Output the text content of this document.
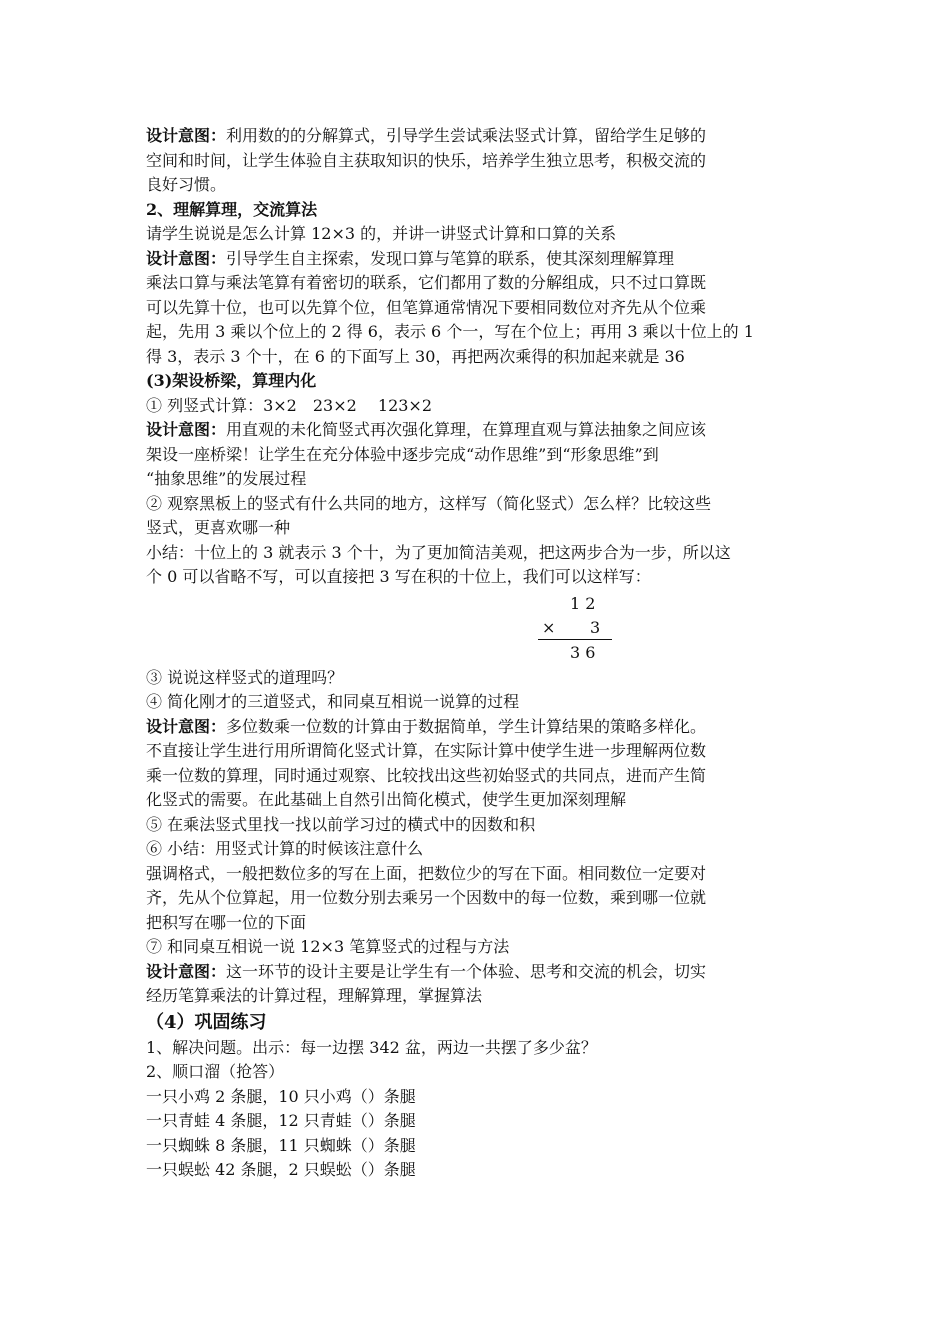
设计意图：利用数的的分解算式，引导学生尝试乘法竖式计算，留给学生足够的
空间和时间，让学生体验自主获取知识的快乐，培养学生独立思考，积极交流的
良好习惯。
2、理解算理，交流算法
请学生说说是怎么计算 12×3 的，并讲一讲竖式计算和口算的关系
设计意图：引导学生自主探索，发现口算与笔算的联系，使其深刻理解算理
乘法口算与乘法笔算有着密切的联系，它们都用了数的分解组成，只不过口算既
可以先算十位，也可以先算个位，但笔算通常情况下要相同数位对齐先从个位乘
起，先用 3 乘以个位上的 2 得 6，表示 6 个一，写在个位上；再用 3 乘以十位上的 1
得 3，表示 3 个十，在 6 的下面写上 30，再把两次乘得的积加起来就是 36
(3)架设桥梁，算理内化
① 列竖式计算：3×2　23×2　 123×2
设计意图：用直观的未化简竖式再次强化算理，在算理直观与算法抽象之间应该
架设一座桥梁！让学生在充分体验中逐步完成“动作思维”到“形象思维”到
“抽象思维”的发展过程
② 观察黑板上的竖式有什么共同的地方，这样写（简化竖式）怎么样？比较这些
竖式，更喜欢哪一种
小结：十位上的 3 就表示 3 个十，为了更加简洁美观，把这两步合为一步，所以这
个 0 可以省略不写，可以直接把 3 写在积的十位上，我们可以这样写：
1 2
× 3
3 6
③ 说说这样竖式的道理吗？
④ 简化刚才的三道竖式，和同桌互相说一说算的过程
设计意图：多位数乘一位数的计算由于数据简单，学生计算结果的策略多样化。
不直接让学生进行用所谓简化竖式计算，在实际计算中使学生进一步理解两位数
乘一位数的算理，同时通过观察、比较找出这些初始竖式的共同点，进而产生简
化竖式的需要。在此基础上自然引出简化模式，使学生更加深刻理解
⑤ 在乘法竖式里找一找以前学习过的横式中的因数和积
⑥ 小结：用竖式计算的时候该注意什么
强调格式，一般把数位多的写在上面，把数位少的写在下面。相同数位一定要对
齐，先从个位算起，用一位数分别去乘另一个因数中的每一位数，乘到哪一位就
把积写在哪一位的下面
⑦ 和同桌互相说一说 12×3 笔算竖式的过程与方法
设计意图：这一环节的设计主要是让学生有一个体验、思考和交流的机会，切实
经历笔算乘法的计算过程，理解算理，掌握算法
（4）巩固练习
1、解决问题。出示：每一边摆 342 盆，两边一共摆了多少盆？
2、顺口溜（抢答）
一只小鸡 2 条腿，10 只小鸡（）条腿
一只青蛙 4 条腿，12 只青蛙（）条腿
一只蜘蛛 8 条腿，11 只蜘蛛（）条腿
一只蜈蚣 42 条腿，2 只蜈蚣（）条腿
